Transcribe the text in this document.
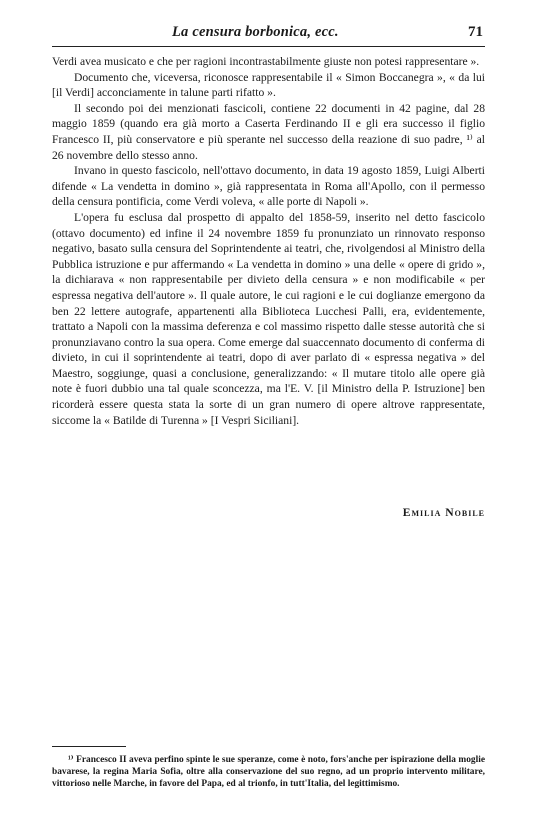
La censura borbonica, ecc.	71

Verdi avea musicato e che per ragioni incontrastabilmente giuste non potesi rappresentare ».

Documento che, viceversa, riconosce rappresentabile il « Simon Boccanegra », « da lui [il Verdi] acconciamente in talune parti rifatto ».

Il secondo poi dei menzionati fascicoli, contiene 22 documenti in 42 pagine, dal 28 maggio 1859 (quando era già morto a Caserta Ferdinando II e gli era successo il figlio Francesco II, più conservatore e più sperante nel successo della reazione di suo padre, ¹⁾ al 26 novembre dello stesso anno.

Invano in questo fascicolo, nell'ottavo documento, in data 19 agosto 1859, Luigi Alberti difende « La vendetta in domino », già rappresentata in Roma all'Apollo, con il permesso della censura pontificia, come Verdi voleva, « alle porte di Napoli ».

L'opera fu esclusa dal prospetto di appalto del 1858-59, inserito nel detto fascicolo (ottavo documento) ed infine il 24 novembre 1859 fu pronunziato un rinnovato responso negativo, basato sulla censura del Soprintendente ai teatri, che, rivolgendosi al Ministro della Pubblica istruzione e pur affermando « La vendetta in domino » una delle « opere di grido », la dichiarava « non rappresentabile per divieto della censura » e non modificabile « per espressa negativa dell'autore ». Il quale autore, le cui ragioni e le cui doglianze emergono da ben 22 lettere autografe, appartenenti alla Biblioteca Lucchesi Palli, era, evidentemente, trattato a Napoli con la massima deferenza e col massimo rispetto dalle stesse autorità che si pronunziavano contro la sua opera. Come emerge dal suaccennato documento di conferma di divieto, in cui il soprintendente ai teatri, dopo di aver parlato di « espressa negativa » del Maestro, soggiunge, quasi a conclusione, generalizzando: « Il mutare titolo alle opere già note è fuori dubbio una tal quale sconcezza, ma l'E. V. [il Ministro della P. Istruzione] ben ricorderà essere questa stata la sorte di un gran numero di opere altrove rappresentate, siccome la « Batilde di Turenna » [I Vespri Siciliani].

Emilia Nobile

¹⁾ Francesco II aveva perfino spinte le sue speranze, come è noto, fors'anche per ispirazione della moglie bavarese, la regina Maria Sofia, oltre alla conservazione del suo regno, ad un proprio intervento militare, vittorioso nelle Marche, in favore del Papa, ed al trionfo, in tutt'Italia, del legittimismo.
